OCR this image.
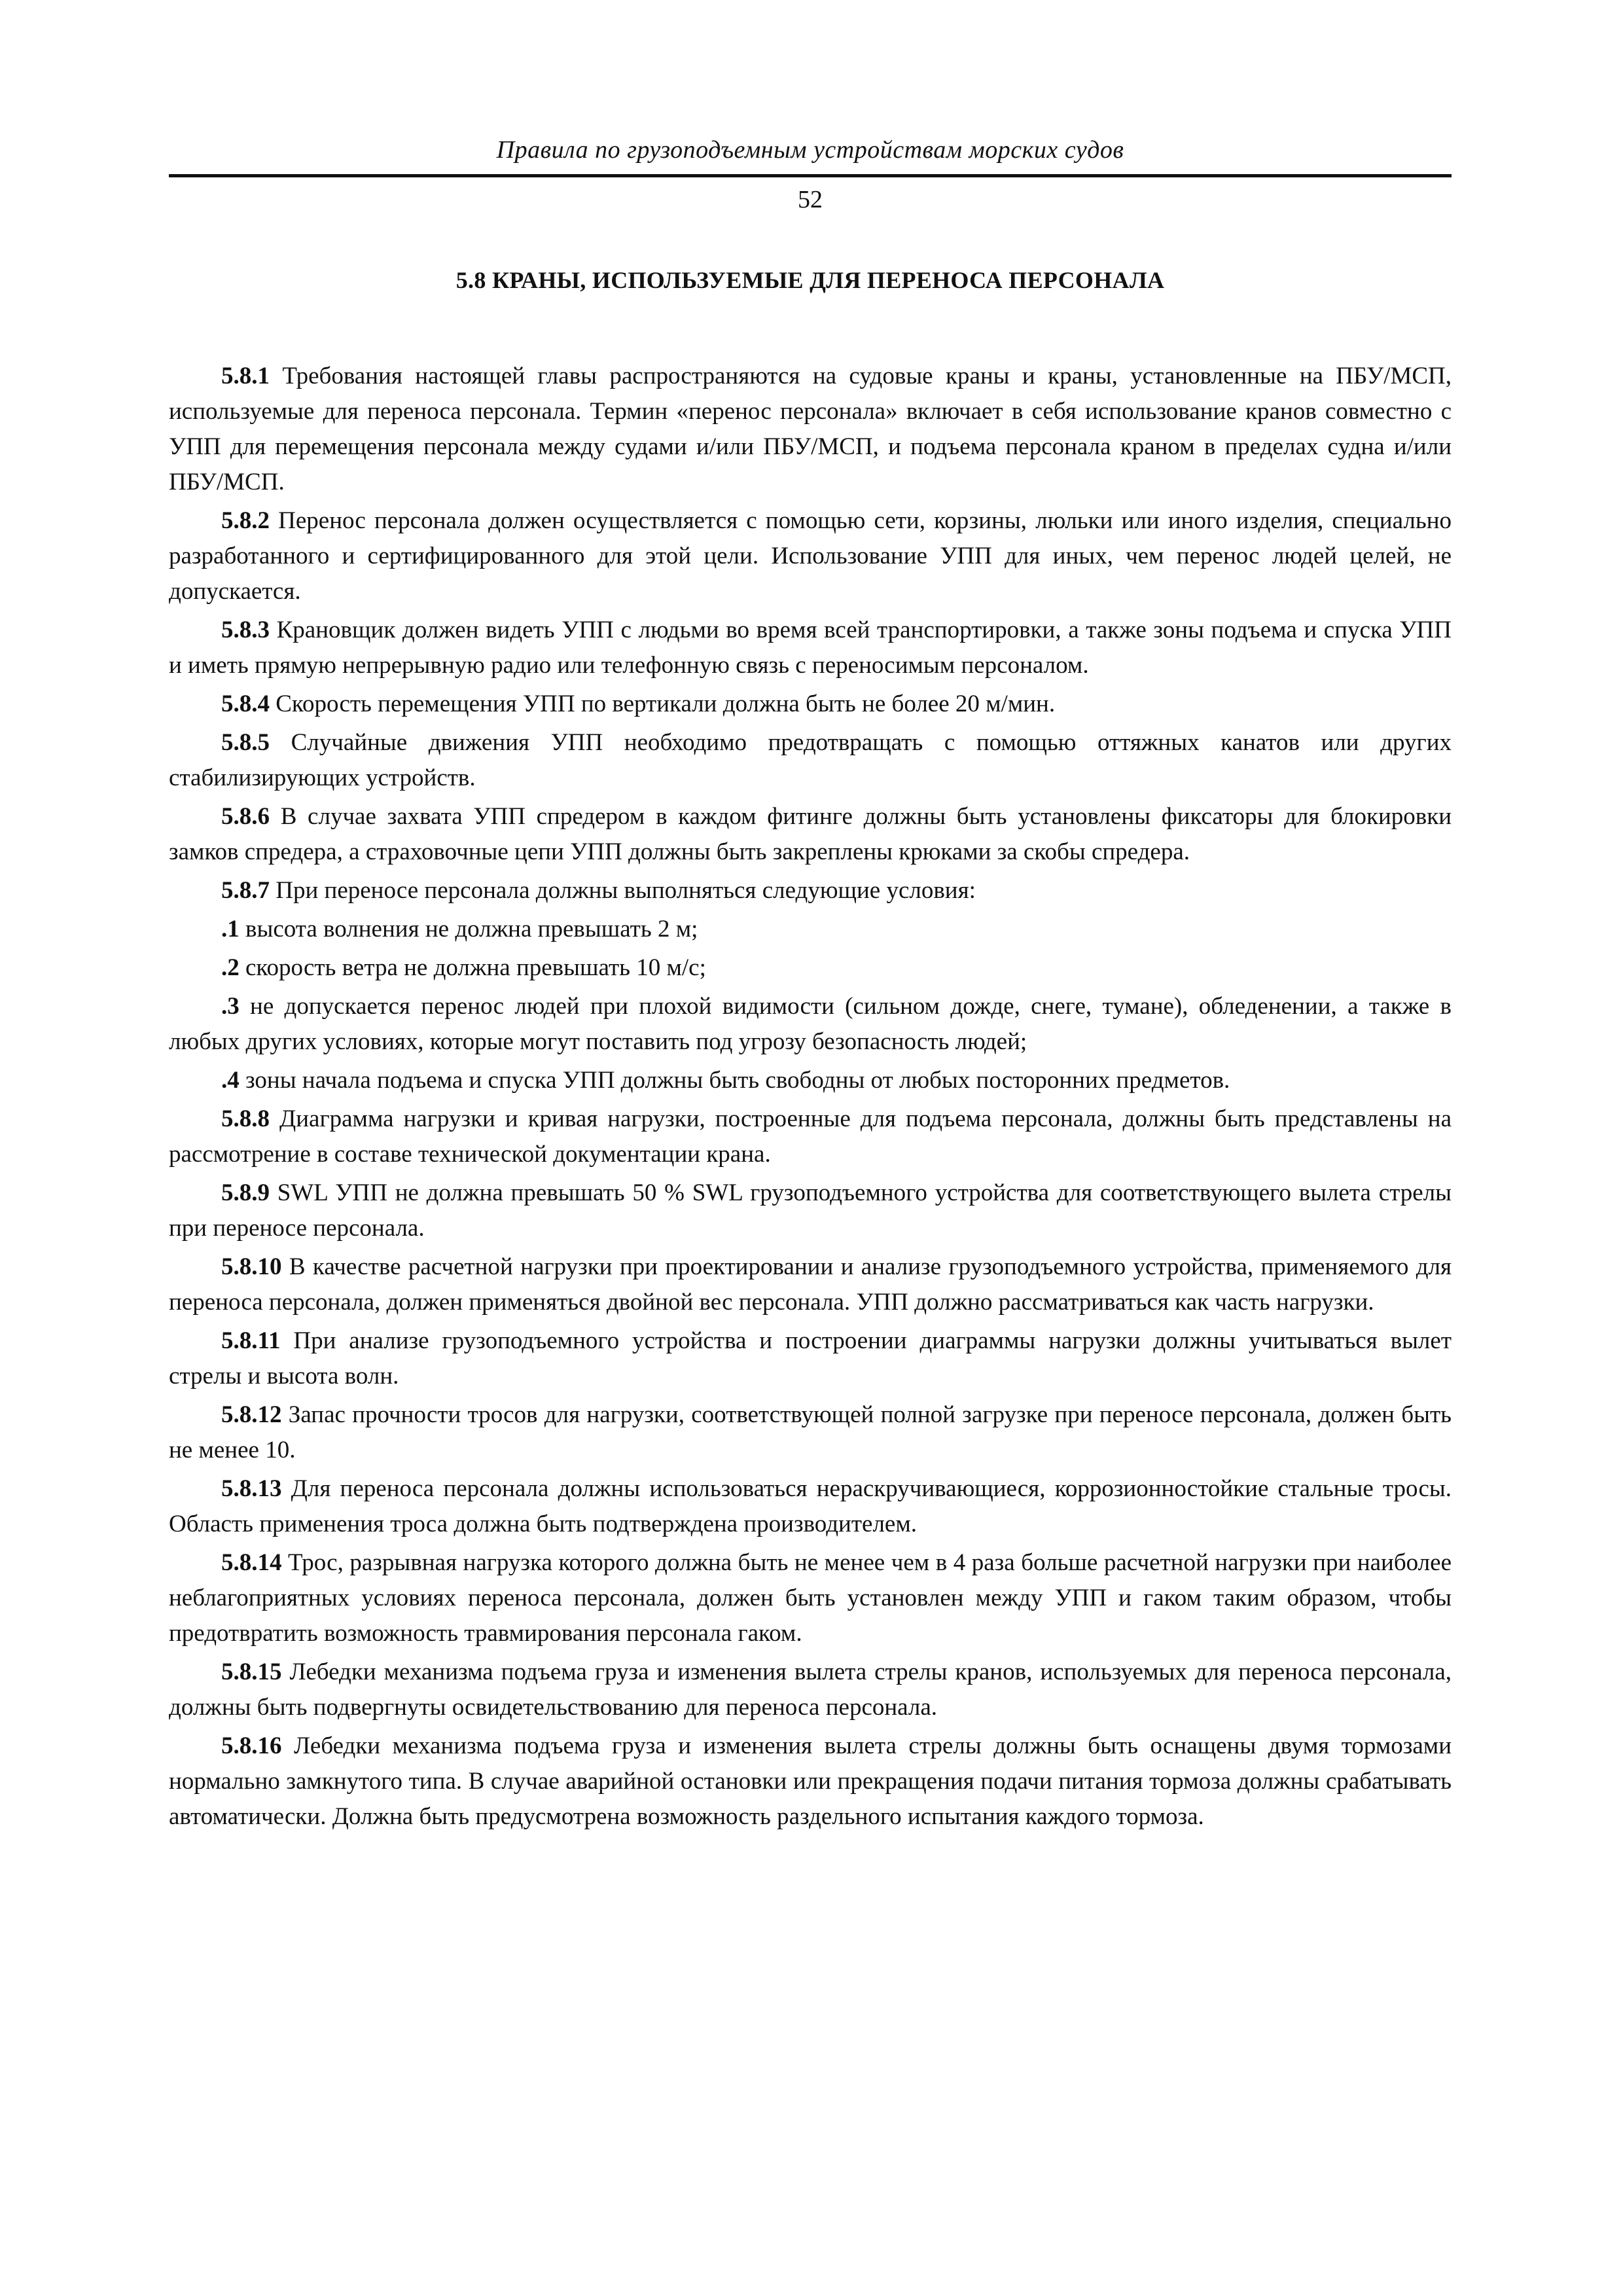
Правила по грузоподъемным устройствам морских судов
52
5.8 КРАНЫ, ИСПОЛЬЗУЕМЫЕ ДЛЯ ПЕРЕНОСА ПЕРСОНАЛА

5.8.1 Требования настоящей главы распространяются на судовые краны и краны, установленные на ПБУ/МСП, используемые для переноса персонала. Термин «перенос персонала» включает в себя использование кранов совместно с УПП для перемещения персонала между судами и/или ПБУ/МСП, и подъема персонала краном в пределах судна и/или ПБУ/МСП.

5.8.2 Перенос персонала должен осуществляется с помощью сети, корзины, люльки или иного изделия, специально разработанного и сертифицированного для этой цели. Использование УПП для иных, чем перенос людей целей, не допускается.

5.8.3 Крановщик должен видеть УПП с людьми во время всей транспортировки, а также зоны подъема и спуска УПП и иметь прямую непрерывную радио или телефонную связь с переносимым персоналом.

5.8.4 Скорость перемещения УПП по вертикали должна быть не более 20 м/мин.

5.8.5 Случайные движения УПП необходимо предотвращать с помощью оттяжных канатов или других стабилизирующих устройств.

5.8.6 В случае захвата УПП спредером в каждом фитинге должны быть установлены фиксаторы для блокировки замков спредера, а страховочные цепи УПП должны быть закреплены крюками за скобы спредера.

5.8.7 При переносе персонала должны выполняться следующие условия:

.1 высота волнения не должна превышать 2 м;

.2 скорость ветра не должна превышать 10 м/с;

.3 не допускается перенос людей при плохой видимости (сильном дожде, снеге, тумане), обледенении, а также в любых других условиях, которые могут поставить под угрозу безопасность людей;

.4 зоны начала подъема и спуска УПП должны быть свободны от любых посторонних предметов.

5.8.8 Диаграмма нагрузки и кривая нагрузки, построенные для подъема персонала, должны быть представлены на рассмотрение в составе технической документации крана.

5.8.9 SWL УПП не должна превышать 50 % SWL грузоподъемного устройства для соответствующего вылета стрелы при переносе персонала.

5.8.10 В качестве расчетной нагрузки при проектировании и анализе грузоподъемного устройства, применяемого для переноса персонала, должен применяться двойной вес персонала. УПП должно рассматриваться как часть нагрузки.

5.8.11 При анализе грузоподъемного устройства и построении диаграммы нагрузки должны учитываться вылет стрелы и высота волн.

5.8.12 Запас прочности тросов для нагрузки, соответствующей полной загрузке при переносе персонала, должен быть не менее 10.

5.8.13 Для переноса персонала должны использоваться нераскручивающиеся, коррозионностойкие стальные тросы. Область применения троса должна быть подтверждена производителем.

5.8.14 Трос, разрывная нагрузка которого должна быть не менее чем в 4 раза больше расчетной нагрузки при наиболее неблагоприятных условиях переноса персонала, должен быть установлен между УПП и гаком таким образом, чтобы предотвратить возможность травмирования персонала гаком.

5.8.15 Лебедки механизма подъема груза и изменения вылета стрелы кранов, используемых для переноса персонала, должны быть подвергнуты освидетельствованию для переноса персонала.

5.8.16 Лебедки механизма подъема груза и изменения вылета стрелы должны быть оснащены двумя тормозами нормально замкнутого типа. В случае аварийной остановки или прекращения подачи питания тормоза должны срабатывать автоматически. Должна быть предусмотрена возможность раздельного испытания каждого тормоза.
